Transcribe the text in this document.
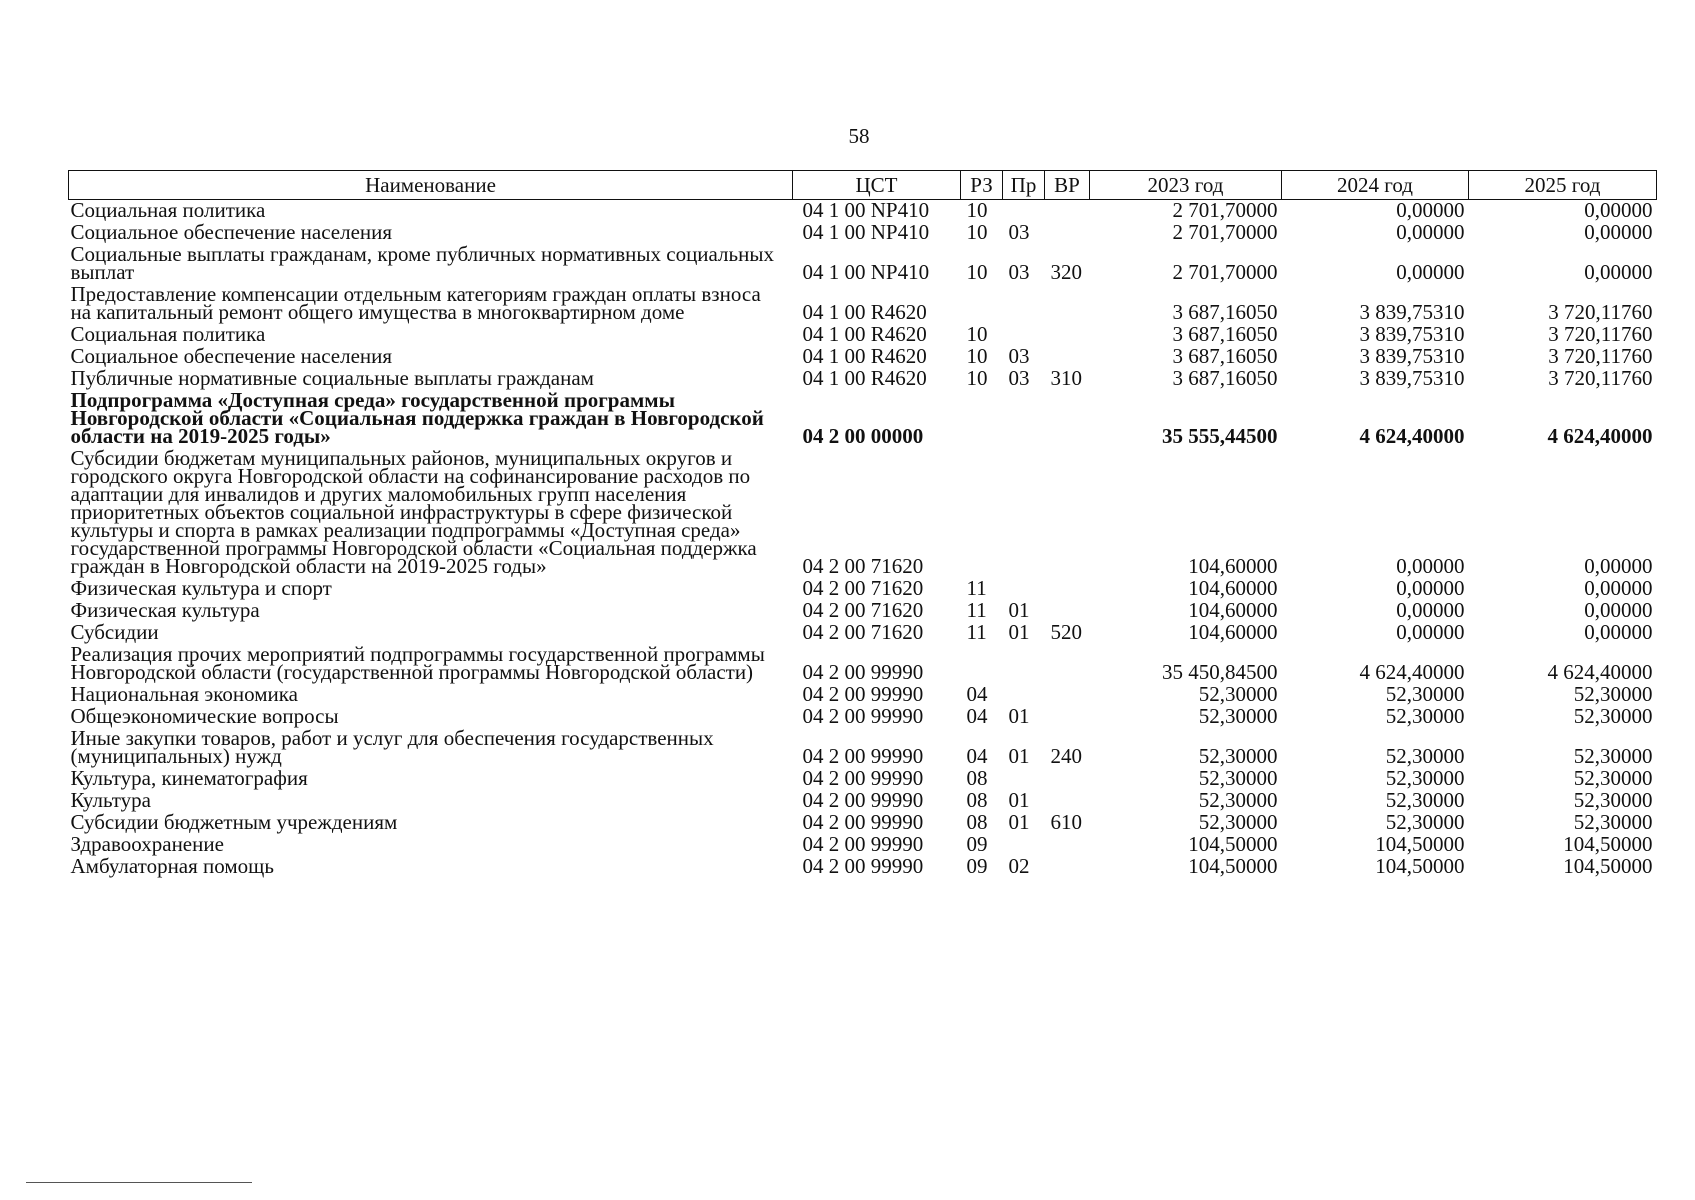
58
Наименование	ЦСТ	РЗ	Пр	ВР	2023 год	2024 год	2025 год
Социальная политика	04 1 00 NP410	10			2 701,70000	0,00000	0,00000
Социальное обеспечение населения	04 1 00 NP410	10	03		2 701,70000	0,00000	0,00000
Социальные выплаты гражданам, кроме публичных нормативных социальных выплат	04 1 00 NP410	10	03	320	2 701,70000	0,00000	0,00000
Предоставление компенсации отдельным категориям граждан оплаты взноса на капитальный ремонт общего имущества в многоквартирном доме	04 1 00 R4620				3 687,16050	3 839,75310	3 720,11760
Социальная политика	04 1 00 R4620	10			3 687,16050	3 839,75310	3 720,11760
Социальное обеспечение населения	04 1 00 R4620	10	03		3 687,16050	3 839,75310	3 720,11760
Публичные нормативные социальные выплаты гражданам	04 1 00 R4620	10	03	310	3 687,16050	3 839,75310	3 720,11760
Подпрограмма «Доступная среда» государственной программы Новгородской области «Социальная поддержка граждан в Новгородской области на 2019-2025 годы»	04 2 00 00000				35 555,44500	4 624,40000	4 624,40000
Субсидии бюджетам муниципальных районов, муниципальных округов и городского округа Новгородской области на софинансирование расходов по адаптации для инвалидов и других маломобильных групп населения приоритетных объектов социальной инфраструктуры в сфере физической культуры и спорта в рамках реализации подпрограммы «Доступная среда» государственной программы Новгородской области «Социальная поддержка граждан в Новгородской области на 2019-2025 годы»	04 2 00 71620				104,60000	0,00000	0,00000
Физическая культура и спорт	04 2 00 71620	11			104,60000	0,00000	0,00000
Физическая культура	04 2 00 71620	11	01		104,60000	0,00000	0,00000
Субсидии	04 2 00 71620	11	01	520	104,60000	0,00000	0,00000
Реализация прочих мероприятий подпрограммы государственной программы Новгородской области (государственной программы Новгородской области)	04 2 00 99990				35 450,84500	4 624,40000	4 624,40000
Национальная экономика	04 2 00 99990	04			52,30000	52,30000	52,30000
Общеэкономические вопросы	04 2 00 99990	04	01		52,30000	52,30000	52,30000
Иные закупки товаров, работ и услуг для обеспечения государственных (муниципальных) нужд	04 2 00 99990	04	01	240	52,30000	52,30000	52,30000
Культура, кинематография	04 2 00 99990	08			52,30000	52,30000	52,30000
Культура	04 2 00 99990	08	01		52,30000	52,30000	52,30000
Субсидии бюджетным учреждениям	04 2 00 99990	08	01	610	52,30000	52,30000	52,30000
Здравоохранение	04 2 00 99990	09			104,50000	104,50000	104,50000
Амбулаторная помощь	04 2 00 99990	09	02		104,50000	104,50000	104,50000
